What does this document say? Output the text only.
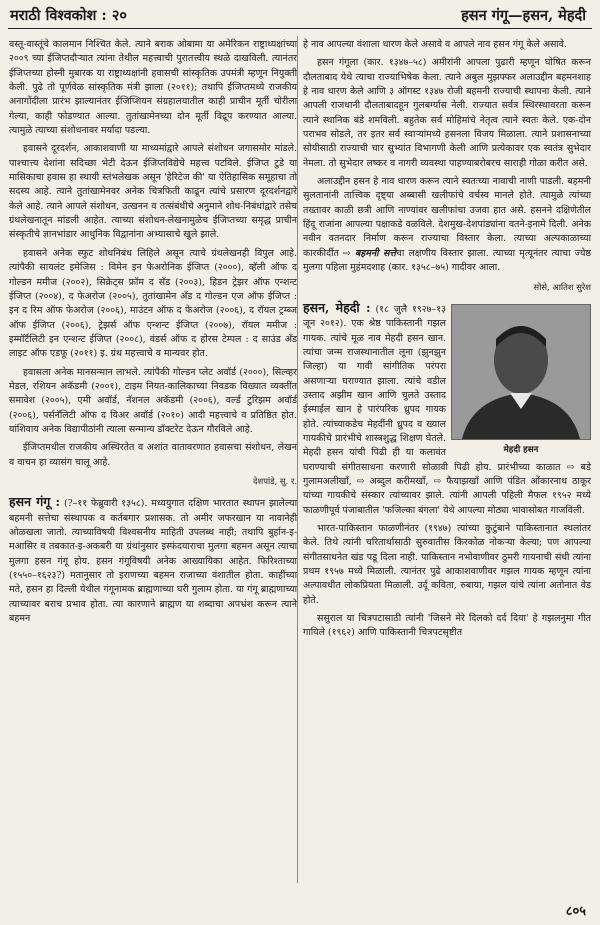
मराठी विश्वकोश : २०	हसन गंगू—हसन, मेहदी

वस्तू-वास्तूंचे कालमान निश्चित केले. त्याने बराक ओबामा या अमेरिकन राष्ट्राध्यक्षांच्या २००९ च्या ईजिप्तदौऱ्यात त्यांना तेथील महत्त्वाची पुरातत्त्वीय स्थळे दाखविली. त्यानंतर ईजिप्तच्या होस्नी मुबारक या राष्ट्राध्यक्षांनी हवासची सांस्कृतिक उपमंत्री म्हणून नियुक्ती केली. पुढे तो पूर्णवेळ सांस्कृतिक मंत्री झाला (२०११); तथापि ईजिप्तमध्ये राजकीय अनागोंदीला प्रारंभ झाल्यानंतर ईजिप्शियन संग्रहालयातील काही प्राचीन मूर्ती चोरीला गेल्या, काही फोडण्यात आल्या. तुतांखामेनच्या दोन मूर्ती विद्रूप करण्यात आल्या. त्यामुळे त्याच्या संशोधनावर मर्यादा पडल्या.

हवासने दूरदर्शन, आकाशवाणी या माध्यमांद्वारे आपले संशोधन जगासमोर मांडले. पाश्चात्त्य देशांना सदिच्छा भेटी देऊन ईजिप्तविद्येचे महत्त्व पटविले. ईजिप्त टुडे या मासिकाचा हवास हा स्थायी स्तंभलेखक असून 'हेरिटेज की' या ऐतिहासिक समूहाचा तो सदस्य आहे. त्याने तुतांखामेनवर अनेक चित्रफिती काढून त्यांचे प्रसारण दूरदर्शनद्वारे केले आहे. त्याने आपले संशोधन, उत्खनन व तत्संबंधीचे अनुमाने शोध-निबंधांद्वारे तसेच ग्रंथलेखनातून मांडली आहेत. त्याच्या संशोधन-लेखनामुळेच ईजिप्तच्या समृद्ध प्राचीन संस्कृतीचे ज्ञानभांडार आधुनिक विद्वानांना अभ्यासाचे खुले झाले.

हवासने अनेक स्फुट शोधनिबंध लिहिले असून त्याचे ग्रंथलेखनही विपुल आहे. त्यांपैकी सायलंट इमेजिस : विमेन इन फेअरोनिक ईजिप्त (२०००), व्हॅली ऑफ द गोल्डन ममीज (२००२), सिक्रेट्स फ्रॉम द सँड (२००३), हिडन ट्रेझर ऑफ एन्शन्ट ईजिप्त (२००४), द फेअरोज (२००५), तुतांखामेन अँड द गोल्डन एज ऑफ ईजिप्त : इन द रिम ऑफ फेअरोज (२००६), माउंटन ऑफ द फेअरोज (२००६), द रॉयल ट्रम्ब्ज ऑफ ईजिप्त (२००६), ट्रेझर्स ऑफ एन्शन्ट ईजिप्त (२००७), रॉयल ममीज : इम्मॉर्टॅलिटी इन एन्शन्ट ईजिप्त (२००८), वंडर्स ऑफ द होरस टेम्पल : द साउंड अँड लाइट ऑफ एडफू (२०११) इ. ग्रंथ महत्त्वाचे व मान्यवर होत.

हवासला अनेक मानसन्मान लाभले. त्यांपैकी गोल्डन प्लेट अवॉर्ड (२०००), सिल्व्हर मेडल, रशियन अकॅडमी (२००१), टाइम नियत-कालिकाच्या निवडक विख्यात व्यक्तींत समावेश (२००५), एमी अवॉर्ड, नॅशनल अकॅडमी (२००६), वर्ल्ड टुरिझम अवॉर्ड (२००६), पर्सनॅलिटी ऑफ द यिअर अवॉर्ड (२०१०) आदी महत्त्वाचे व प्रतिष्ठित होत. यांशिवाय अनेक विद्यापीठांनी त्याला सन्मान्य डॉक्टरेट देऊन गौरविले आहे.

ईजिप्तमधील राजकीय अस्थिरतेत व अशांत वातावरणात हवासचा संशोधन, लेखन व वाचन हा व्यासंग चालू आहे.

देशपांडे, सु. र.

हसन गंगू : (?–११ फेब्रुवारी १३५८). मध्ययुगात दक्षिण भारतात स्थापन झालेल्या बहमनी सत्तेचा संस्थापक व कर्तबगार प्रशासक. तो अमीर जफरखान या नावानेही ओळखला जातो. त्याच्याविषयी विश्वसनीय माहिती उपलब्ध नाही; तथापि बुर्हान-इ-मआसिर व तबकात-इ-अकबरी या ग्रंथांनुसार इस्फंदयाराचा मुलगा बहमन असून त्याचा मुलगा हसन गंगू होय. हसन गंगूविषयी अनेक आख्यायिका आहेत. फिरिश्ताच्या (१५५०–१६२३?) मतानुसार तो इराणच्या बहमन राजाच्या वंशातील होता. काहींच्या मते, हसन हा दिल्ली येथील गंगूनामक ब्राह्मणाच्या घरी गुलाम होता. या गंगू ब्राह्मणाच्या त्याच्यावर बराच प्रभाव होता. त्या कारणाने ब्राह्मण या शब्दाचा अपभ्रंश करून त्याने बहमन

हे नाव आपल्या वंशाला धारण केले असावे व आपले नाव हसन गंगू केले असावे.

हसन गंगूला (कार. १३४७–५८) अमीरांनी आपला पुढारी म्हणून घोषित करून दौलताबाद येथे त्याचा राज्याभिषेक केला. त्याने अबुल मुझफ्फर अलाउद्दीन बहमनशाह हे नाव धारण केले आणि ३ ऑगस्ट १३४७ रोजी बहमनी राज्याची स्थापना केली. त्याने आपली राजधानी दौलताबादहून गुलबर्ग्यास नेली. राज्यात सर्वत्र स्थिरस्थावरता करून त्याने स्थानिक बंडे शमविली. बहुतेक सर्व मोहिमांचे नेतृत्व त्याने स्वतः केले. एक-दोन पराभव सोडले, तर इतर सर्व स्वाऱ्यांमध्ये हसनला विजय मिळाला. त्याने प्रशासनाच्या सोयीसाठी राज्याची चार सुभ्यांत विभागणी केली आणि प्रत्येकावर एक स्वतंत्र सुभेदार नेमला. तो सुभेदार लष्कर व नागरी व्यवस्था पाहण्याबरोबरच साराही गोळा करीत असे.

अलाउद्दीन हसन हे नाव धारण करून त्याने स्वतःच्या नावाची नाणी पाडली. बहमनी सुलतानांनी तात्त्विक दृष्ट्या अब्बासी खलीफांचे वर्चस्व मानले होते. त्यामुळे त्यांच्या तख्तावर काळी छत्री आणि नाण्यांवर खलीफांचा उजवा हात असे. हसनने दक्षिणेतील हिंदू राजांना आपल्या पक्षाकडे वळविले. देशमुख-देशपांड्यांना वतने-इनामे दिली. अनेक नवीन वतनदार निर्माण करून राज्याचा विस्तार केला. त्याच्या अल्पकाळाच्या कारकीर्दीत ⇨ बहमनी सत्तेचा लक्षणीय विस्तार झाला. त्याच्या मृत्यूनंतर त्याचा ज्येष्ठ मुलगा पहिला मुहंमदशाह (कार. १३५८–७५) गादीवर आला.

सोसे, आतिश सुरेश

मेहदी हसन
हसन, मेहदी : (१८ जुलै १९२७–१३ जून २०१२). एक श्रेष्ठ पाकिस्तानी गझल गायक. त्यांचे मूळ नाव मेहदी हसन खान. त्यांचा जन्म राजस्थानातील लूना (झुनझुन जिल्हा) या गावी सांगीतिक परंपरा असणाऱ्या घराण्यात झाला. त्यांचे वडील उस्ताद अझीम खान आणि चुलते उस्ताद ईस्माईल खान हे पारंपरिक ध्रुपद गायक होते. त्यांच्याकडेच मेहदींनी ध्रुपद व ख्याल गायकीचे प्रारंभीचे शास्त्रशुद्ध शिक्षण घेतले. मेहदी हसन यांची पिढी ही या कलावंत घराण्याची संगीतसाधना करणारी सोळावी पिढी होय. प्रारंभीच्या काळात ⇨ बडे गुलामअलीखाँ, ⇨ अब्दुल करीमखाँ, ⇨ फैयाझखाँ आणि पंडित ओंकारनाथ ठाकूर यांच्या गायकीचे संस्कार त्यांच्यावर झाले. त्यांनी आपली पहिली मैफल १९५२ मध्ये फाळणीपूर्व पंजाबातील 'फजिल्का बंगला' येथे आपल्या मोठ्या भावासोबत गाजविली.

भारत-पाकिस्तान फाळणीनंतर (१९४७) त्यांच्या कुटुंबाने पाकिस्तानात स्थलांतर केले. तिथे त्यांनी चरितार्थासाठी सुरुवातीस किरकोळ नोकऱ्या केल्या; पण आपल्या संगीतसाधनेत खंड पडू दिला नाही. पाकिस्तान नभोवाणीवर ठुमरी गायनाची संधी त्यांना प्रथम १९५७ मध्ये मिळाली. त्यानंतर पुढे आकाशवाणीवर गझल गायक म्हणून त्यांना अल्पावधीत लोकप्रियता मिळाली. उर्दू कविता, रुबाया, गझल यांचे त्यांना अतोनात वेड होते.

ससुराल या चित्रपटासाठी त्यांनी 'जिसने मेरे दिलको दर्द दिया' हे गझलनुमा गीत गायिले (१९६२) आणि पाकिस्तानी चित्रपटसृष्टीत

८०५
